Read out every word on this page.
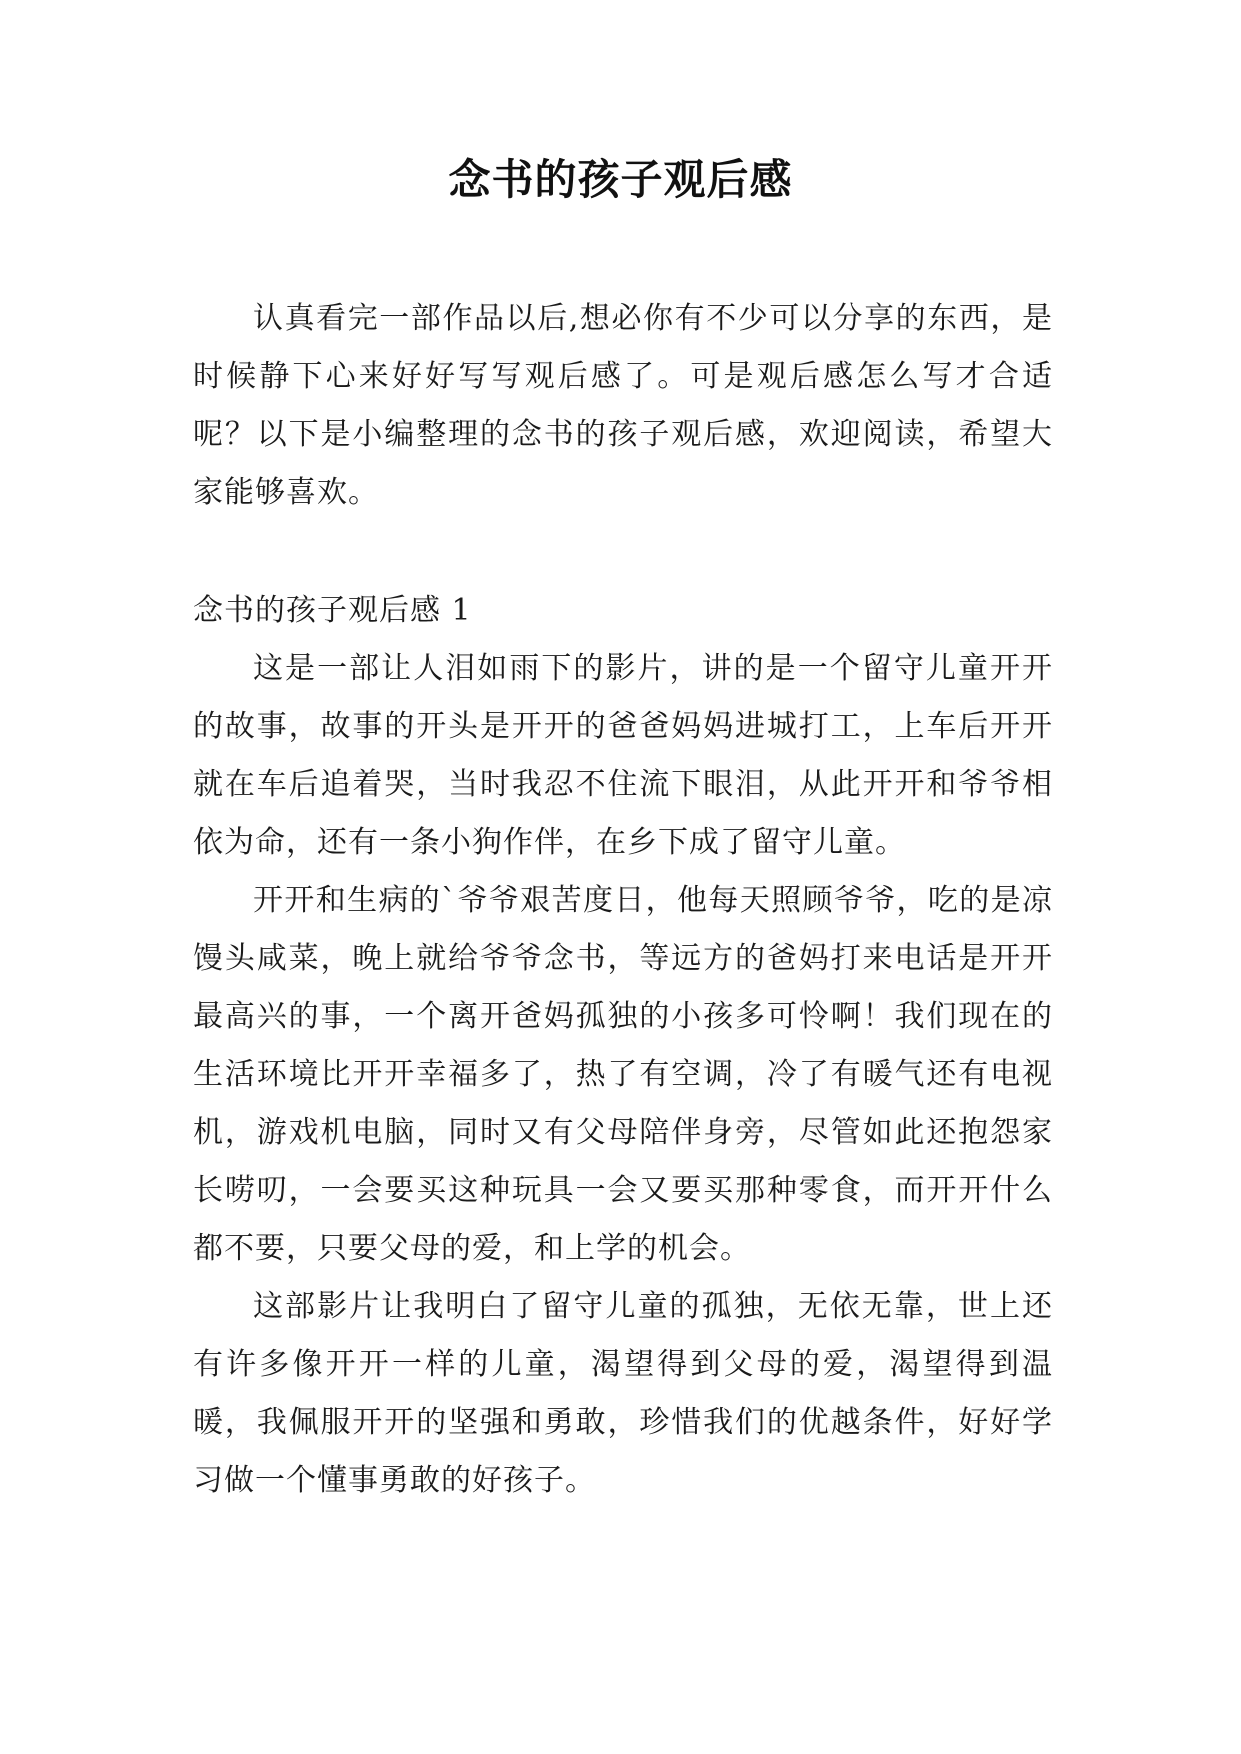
念书的孩子观后感

认真看完一部作品以后,想必你有不少可以分享的东西，是时候静下心来好好写写观后感了。可是观后感怎么写才合适呢？以下是小编整理的念书的孩子观后感，欢迎阅读，希望大家能够喜欢。

念书的孩子观后感 1

这是一部让人泪如雨下的影片，讲的是一个留守儿童开开的故事，故事的开头是开开的爸爸妈妈进城打工，上车后开开就在车后追着哭，当时我忍不住流下眼泪，从此开开和爷爷相依为命，还有一条小狗作伴，在乡下成了留守儿童。

开开和生病的`爷爷艰苦度日，他每天照顾爷爷，吃的是凉馒头咸菜，晚上就给爷爷念书，等远方的爸妈打来电话是开开最高兴的事，一个离开爸妈孤独的小孩多可怜啊！我们现在的生活环境比开开幸福多了，热了有空调，冷了有暖气还有电视机，游戏机电脑，同时又有父母陪伴身旁，尽管如此还抱怨家长唠叨，一会要买这种玩具一会又要买那种零食，而开开什么都不要，只要父母的爱，和上学的机会。

这部影片让我明白了留守儿童的孤独，无依无靠，世上还有许多像开开一样的儿童，渴望得到父母的爱，渴望得到温暖，我佩服开开的坚强和勇敢，珍惜我们的优越条件，好好学习做一个懂事勇敢的好孩子。
